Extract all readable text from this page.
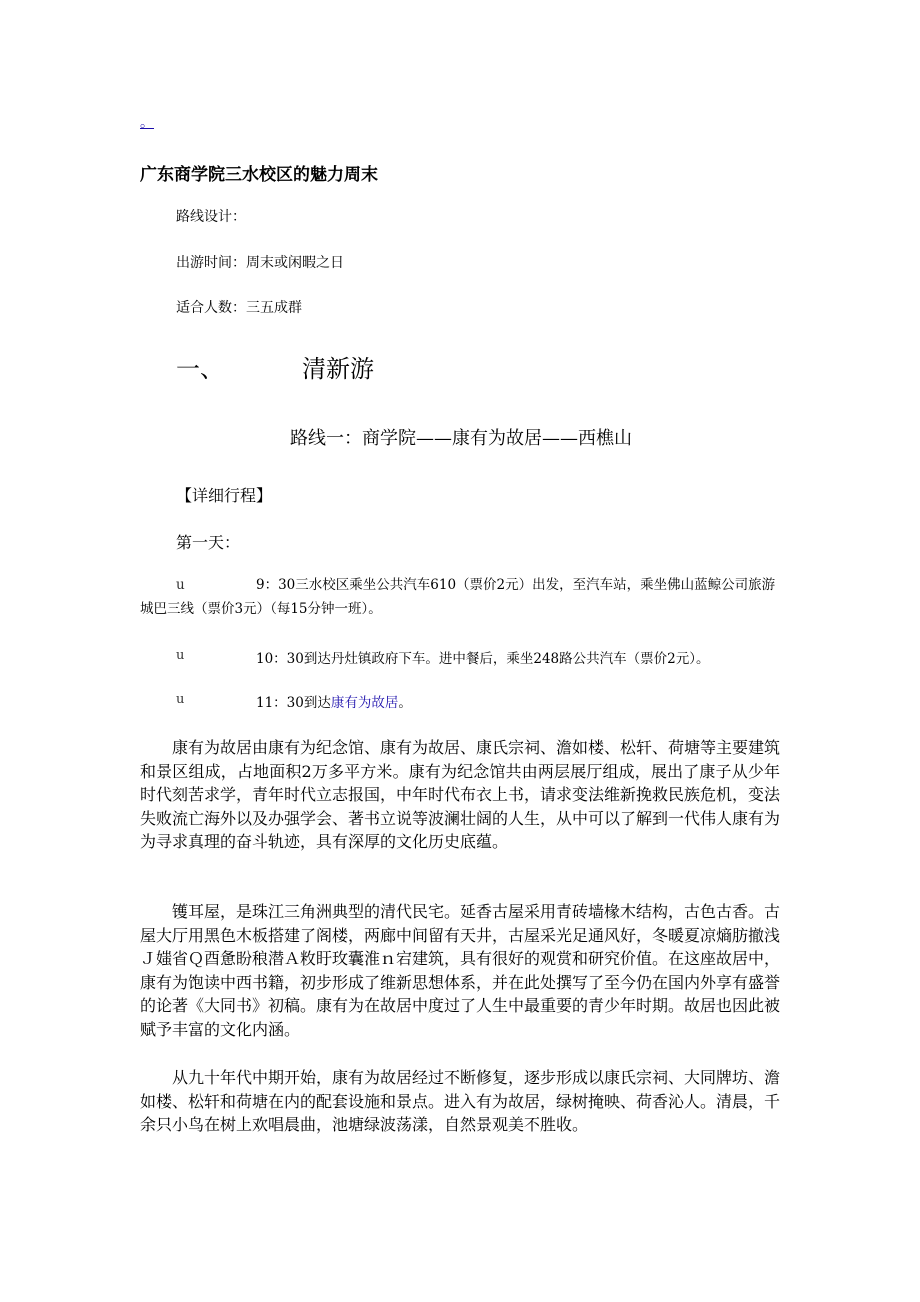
。
广东商学院三水校区的魅力周末
路线设计：
出游时间：周末或闲暇之日
适合人数：三五成群
一、	清新游
路线一：商学院——康有为故居——西樵山
【详细行程】
第一天：
u	9：30三水校区乘坐公共汽车610（票价2元）出发，至汽车站，乘坐佛山蓝鲸公司旅游城巴三线（票价3元）（每15分钟一班）。
u	10：30到达丹灶镇政府下车。进中餐后，乘坐248路公共汽车（票价2元）。
u	11：30到达康有为故居。

康有为故居由康有为纪念馆、康有为故居、康氏宗祠、澹如楼、松轩、荷塘等主要建筑和景区组成，占地面积2万多平方米。康有为纪念馆共由两层展厅组成，展出了康子从少年时代刻苦求学，青年时代立志报国，中年时代布衣上书，请求变法维新挽救民族危机，变法失败流亡海外以及办强学会、著书立说等波澜壮阔的人生，从中可以了解到一代伟人康有为为寻求真理的奋斗轨迹，具有深厚的文化历史底蕴。

镬耳屋，是珠江三角洲典型的清代民宅。延香古屋采用青砖墙椽木结构，古色古香。古屋大厅用黑色木板搭建了阁楼，两廊中间留有天井，古屋采光足通风好，冬暖夏凉熵肪撤浅Ｊ媸省Ｑ酉惫盼稂潜Ａ敉盱玫囊淮ｎ宕建筑，具有很好的观赏和研究价值。在这座故居中，康有为饱读中西书籍，初步形成了维新思想体系，并在此处撰写了至今仍在国内外享有盛誉的论著《大同书》初稿。康有为在故居中度过了人生中最重要的青少年时期。故居也因此被赋予丰富的文化内涵。

从九十年代中期开始，康有为故居经过不断修复，逐步形成以康氏宗祠、大同牌坊、澹如楼、松轩和荷塘在内的配套设施和景点。进入有为故居，绿树掩映、荷香沁人。清晨，千余只小鸟在树上欢唱晨曲，池塘绿波荡漾，自然景观美不胜收。
